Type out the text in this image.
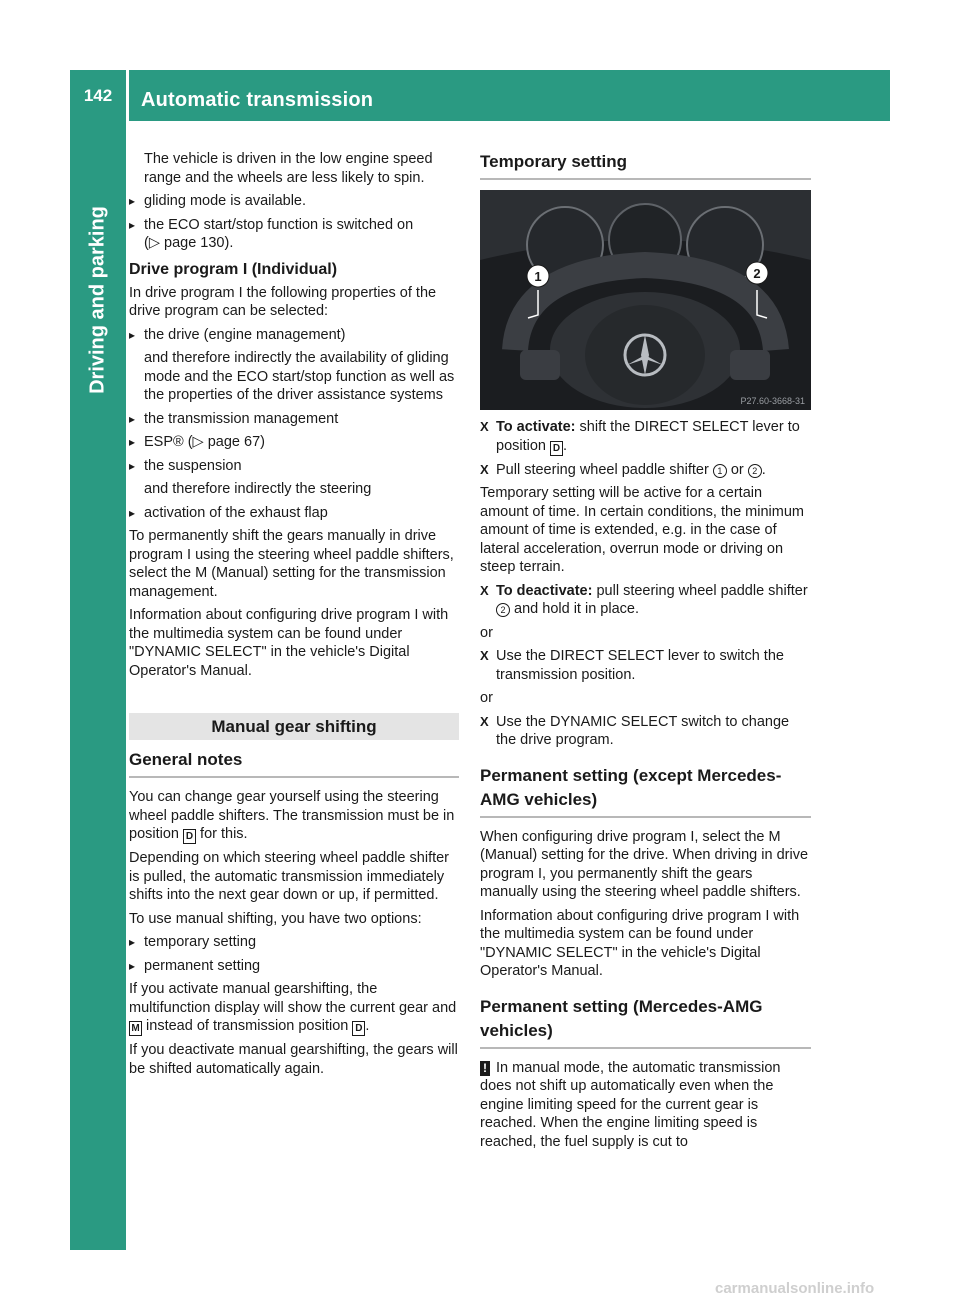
142	Automatic transmission
Driving and parking

The vehicle is driven in the low engine speed range and the wheels are less likely to spin.

▸ gliding mode is available.
▸ the ECO start/stop function is switched on
(▷ page 130).
Drive program I (Individual)

In drive program I the following properties of the drive program can be selected:

▸ the drive (engine management)

and therefore indirectly the availability of gliding mode and the ECO start/stop function as well as the properties of the driver assistance systems

▸ the transmission management
▸ ESP® (▷ page 67)
▸ the suspension

and therefore indirectly the steering

▸ activation of the exhaust flap

To permanently shift the gears manually in drive program I using the steering wheel paddle shifters, select the M (Manual) setting for the transmission management.

Information about configuring drive program I with the multimedia system can be found under "DYNAMIC SELECT" in the vehicle's Digital Operator's Manual.

Manual gear shifting
General notes

You can change gear yourself using the steering wheel paddle shifters. The transmission must be in position D for this.

Depending on which steering wheel paddle shifter is pulled, the automatic transmission immediately shifts into the next gear down or up, if permitted.

To use manual shifting, you have two options:

▸ temporary setting
▸ permanent setting

If you activate manual gearshifting, the multifunction display will show the current gear and M instead of transmission position D .

If you deactivate manual gearshifting, the gears will be shifted automatically again.

Temporary setting
1	2
P27.60-3668-31
X To activate: shift the DIRECT SELECT lever to position D .
X Pull steering wheel paddle shifter 1 or 2 .

Temporary setting will be active for a certain amount of time. In certain conditions, the minimum amount of time is extended, e.g. in the case of lateral acceleration, overrun mode or driving on steep terrain.

X To deactivate: pull steering wheel paddle shifter 2 and hold it in place.

or

X Use the DIRECT SELECT lever to switch the transmission position.

or

X Use the DYNAMIC SELECT switch to change the drive program.
Permanent setting (except Mercedes-AMG vehicles)

When configuring drive program I, select the M (Manual) setting for the drive. When driving in drive program I, you permanently shift the gears manually using the steering wheel paddle shifters.

Information about configuring drive program I with the multimedia system can be found under "DYNAMIC SELECT" in the vehicle's Digital Operator's Manual.

Permanent setting (Mercedes-AMG vehicles)

! In manual mode, the automatic transmission does not shift up automatically even when the engine limiting speed for the current gear is reached. When the engine limiting speed is reached, the fuel supply is cut to

carmanualsonline.info
